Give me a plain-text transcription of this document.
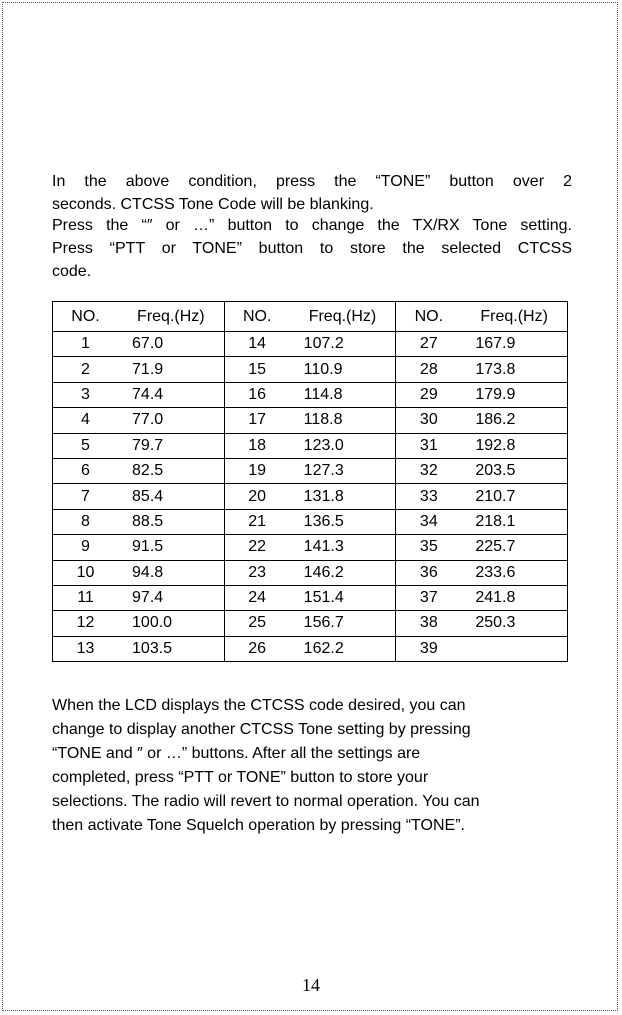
In the above condition, press the “TONE” button over 2
seconds. CTCSS Tone Code will be blanking.
Press the “″ or …” button to change the TX/RX Tone setting.
Press “PTT or TONE” button to store the selected CTCSS
code.
NO.	Freq.(Hz)	NO.	Freq.(Hz)	NO.	Freq.(Hz)
1	67.0	14	107.2	27	167.9
2	71.9	15	110.9	28	173.8
3	74.4	16	114.8	29	179.9
4	77.0	17	118.8	30	186.2
5	79.7	18	123.0	31	192.8
6	82.5	19	127.3	32	203.5
7	85.4	20	131.8	33	210.7
8	88.5	21	136.5	34	218.1
9	91.5	22	141.3	35	225.7
10	94.8	23	146.2	36	233.6
11	97.4	24	151.4	37	241.8
12	100.0	25	156.7	38	250.3
13	103.5	26	162.2	39	
When the LCD displays the CTCSS code desired, you can
change to display another CTCSS Tone setting by pressing
“TONE and ″ or …” buttons. After all the settings are
completed, press “PTT or TONE” button to store your
selections. The radio will revert to normal operation. You can
then activate Tone Squelch operation by pressing “TONE”.
14
